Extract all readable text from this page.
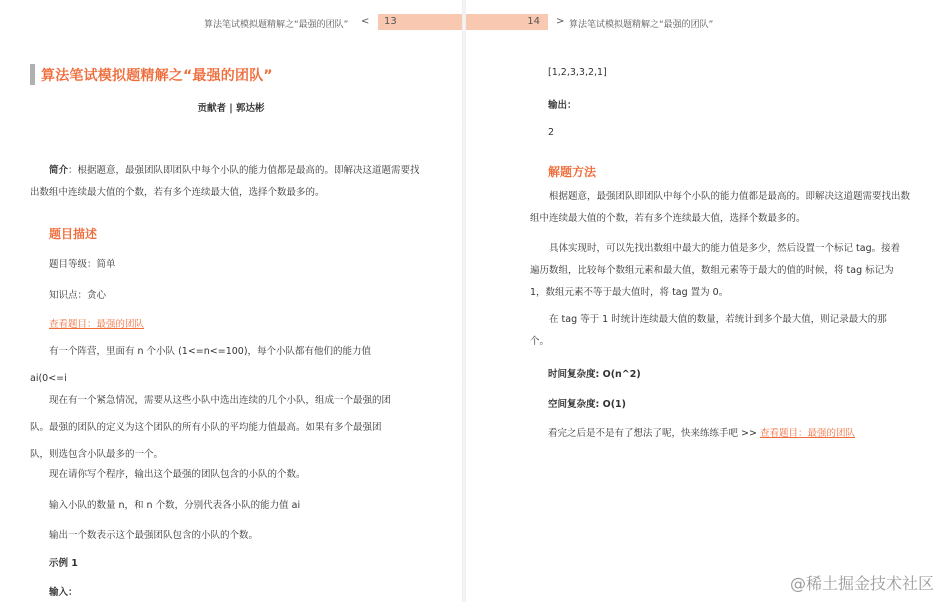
算法笔试模拟题精解之“最强的团队” <	13
算法笔试模拟题精解之“最强的团队”
贡献者 | 郭达彬
简介：根据题意，最强团队即团队中每个小队的能力值都是最高的。即解决这道题需要找出数组中连续最大值的个数，若有多个连续最大值，选择个数最多的。
题目描述
题目等级：简单
知识点：贪心
查看题目：最强的团队
有一个阵营，里面有 n 个小队 (1<=n<=100)，每个小队都有他们的能力值 ai(0<=i
现在有一个紧急情况，需要从这些小队中选出连续的几个小队，组成一个最强的团队。最强的团队的定义为这个团队的所有小队的平均能力值最高。如果有多个最强团队，则选包含小队最多的一个。
现在请你写个程序，输出这个最强的团队包含的小队的个数。
输入小队的数量 n，和 n 个数，分别代表各小队的能力值 ai
输出一个数表示这个最强团队包含的小队的个数。
示例 1
输入：
14	> 算法笔试模拟题精解之“最强的团队”
[1,2,3,3,2,1]
输出：
2
解题方法
根据题意，最强团队即团队中每个小队的能力值都是最高的。即解决这道题需要找出数组中连续最大值的个数，若有多个连续最大值，选择个数最多的。
具体实现时，可以先找出数组中最大的能力值是多少，然后设置一个标记 tag。接着遍历数组，比较每个数组元素和最大值，数组元素等于最大的值的时候，将 tag 标记为 1，数组元素不等于最大值时，将 tag 置为 0。
在 tag 等于 1 时统计连续最大值的数量，若统计到多个最大值，则记录最大的那个。
时间复杂度: O(n^2)
空间复杂度: O(1)
看完之后是不是有了想法了呢，快来练练手吧 >> 查看题目：最强的团队
@稀土掘金技术社区
